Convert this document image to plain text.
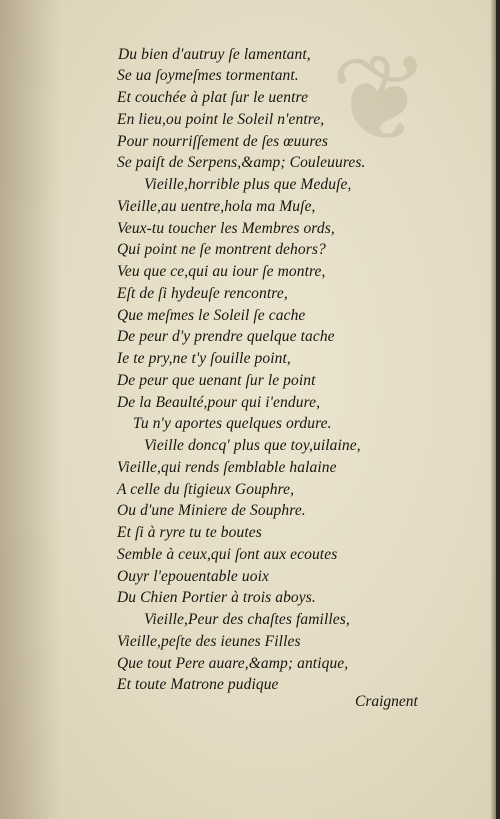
❦
Du bien d'autruy ſe lamentant,
Se ua ſoymeſmes tormentant.
Et couchée à plat ſur le uentre
En lieu,ou point le Soleil n'entre,
Pour nourriſſement de ſes œuures
Se paiſt de Serpens,&amp; Couleuures.
Vieille,horrible plus que Meduſe,
Vieille,au uentre,hola ma Muſe,
Veux-tu toucher les Membres ords,
Qui point ne ſe montrent dehors?
Veu que ce,qui au iour ſe montre,
Eſt de ſi hydeuſe rencontre,
Que meſmes le Soleil ſe cache
De peur d'y prendre quelque tache
Ie te pry,ne t'y ſouille point,
De peur que uenant ſur le point
De la Beaulté,pour qui i'endure,
Tu n'y aportes quelques ordure.
Vieille doncq' plus que toy,uilaine,
Vieille,qui rends ſemblable halaine
A celle du ſtigieux Gouphre,
Ou d'une Miniere de Souphre.
Et ſi à ryre tu te boutes
Semble à ceux,qui ſont aux ecoutes
Ouyr l'epouentable uoix
Du Chien Portier à trois aboys.
Vieille,Peur des chaſtes familles,
Vieille,peſte des ieunes Filles
Que tout Pere auare,&amp; antique,
Et toute Matrone pudique
Craignent
